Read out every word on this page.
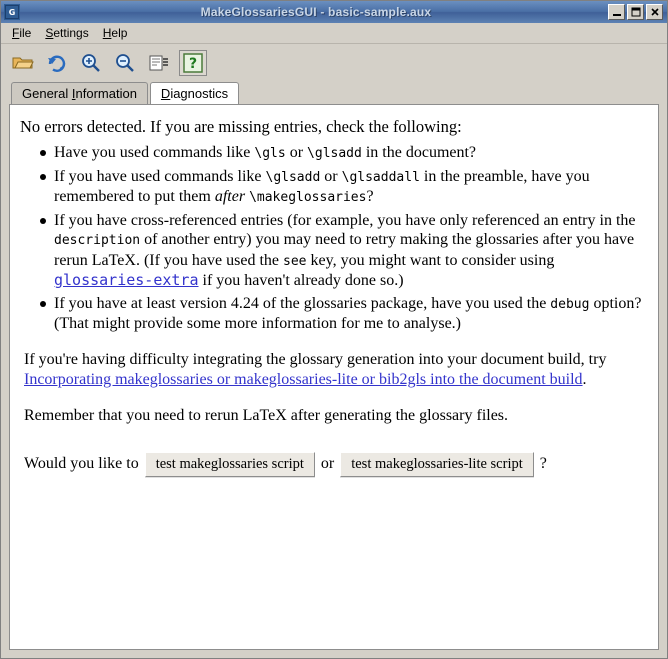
G	MakeGlossariesGUI - basic-sample.aux
File	Settings	Help
?
General Information	Diagnostics
No errors detected. If you are missing entries, check the following:
Have you used commands like \gls or \glsadd in the document?
If you have used commands like \glsadd or \glsaddall in the preamble, have you remembered to put them after \makeglossaries?
If you have cross-referenced entries (for example, you have only referenced an entry in the description of another entry) you may need to retry making the glossaries after you have rerun LaTeX. (If you have used the see key, you might want to consider using glossaries-extra if you haven't already done so.)
If you have at least version 4.24 of the glossaries package, have you used the debug option? (That might provide some more information for me to analyse.)
If you're having difficulty integrating the glossary generation into your document build, try Incorporating makeglossaries or makeglossaries-lite or bib2gls into the document build.
Remember that you need to rerun LaTeX after generating the glossary files.
Would you like to	test makeglossaries script	or	test makeglossaries-lite script	?
